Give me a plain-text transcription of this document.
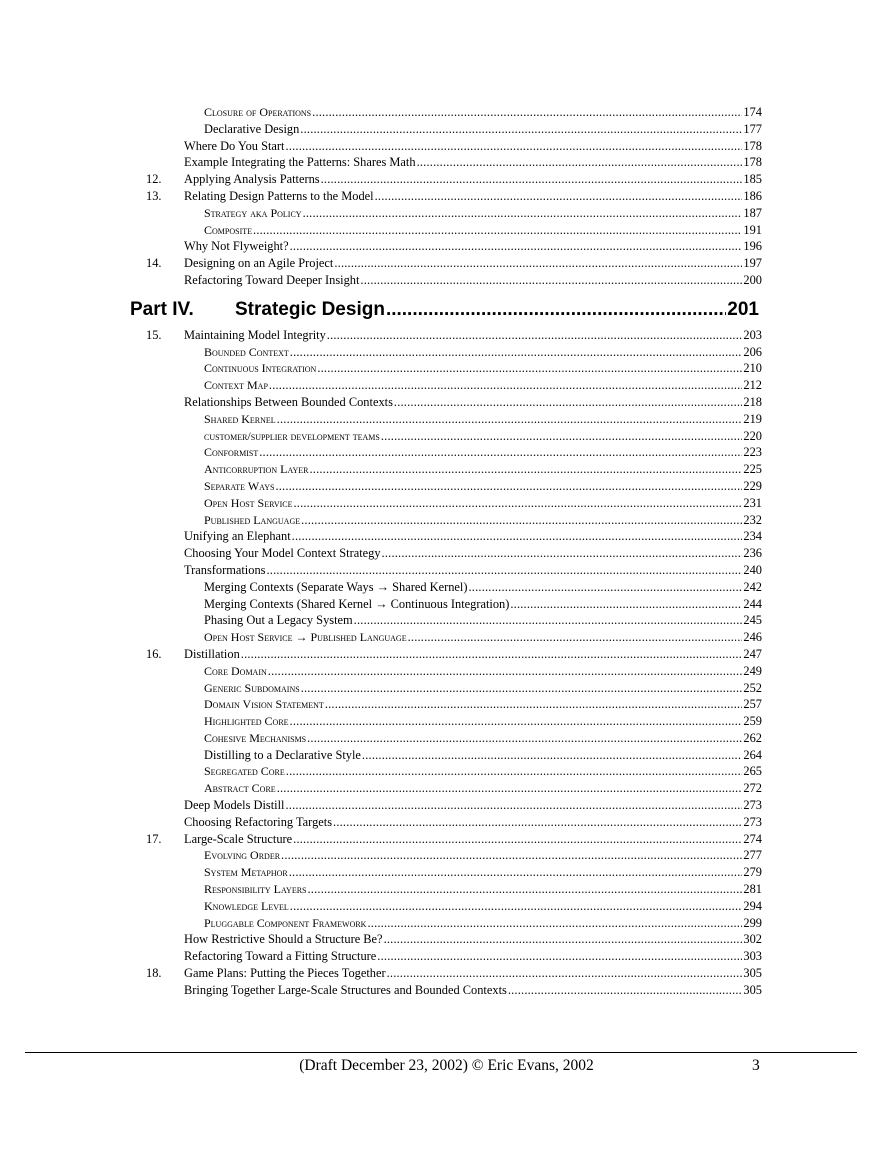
Closure of Operations .....	174
Declarative Design .....	177
Where Do You Start .....	178
Example Integrating the Patterns: Shares Math .....	178
12.	Applying Analysis Patterns .....	185
13.	Relating Design Patterns to the Model .....	186
Strategy aka Policy .....	187
Composite .....	191
Why Not Flyweight? .....	196
14.	Designing on an Agile Project .....	197
Refactoring Toward Deeper Insight .....	200
Part IV. Strategic Design .....	201
15.	Maintaining Model Integrity .....	203
Bounded Context .....	206
Continuous Integration .....	210
Context Map .....	212
Relationships Between Bounded Contexts .....	218
Shared Kernel .....	219
customer/supplier development teams .....	220
Conformist .....	223
Anticorruption Layer .....	225
Separate Ways .....	229
Open Host Service .....	231
Published Language .....	232
Unifying an Elephant .....	234
Choosing Your Model Context Strategy .....	236
Transformations .....	240
Merging Contexts (Separate Ways → Shared Kernel) .....	242
Merging Contexts (Shared Kernel → Continuous Integration) .....	244
Phasing Out a Legacy System .....	245
Open Host Service → Published Language .....	246
16.	Distillation .....	247
Core Domain .....	249
Generic Subdomains .....	252
Domain Vision Statement .....	257
Highlighted Core .....	259
Cohesive Mechanisms .....	262
Distilling to a Declarative Style .....	264
Segregated Core .....	265
Abstract Core .....	272
Deep Models Distill .....	273
Choosing Refactoring Targets .....	273
17.	Large-Scale Structure .....	274
Evolving Order .....	277
System Metaphor .....	279
Responsibility Layers .....	281
Knowledge Level .....	294
Pluggable Component Framework .....	299
How Restrictive Should a Structure Be? .....	302
Refactoring Toward a Fitting Structure .....	303
18.	Game Plans: Putting the Pieces Together .....	305
Bringing Together Large-Scale Structures and Bounded Contexts .....	305
(Draft December 23, 2002) © Eric Evans, 2002	3
